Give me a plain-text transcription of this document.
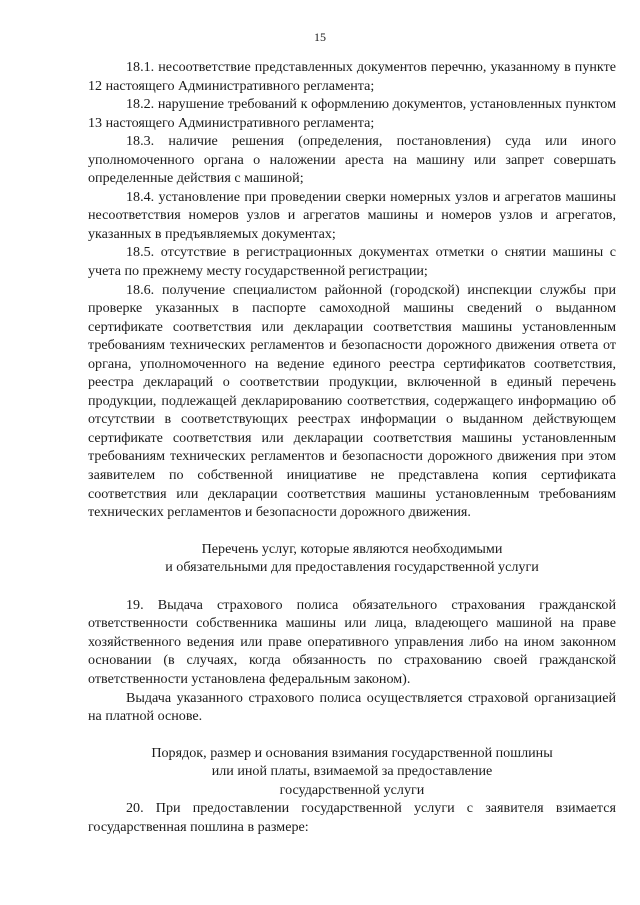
15

18.1. несоответствие представленных документов перечню, указанному в пункте 12 настоящего Административного регламента;

18.2. нарушение требований к оформлению документов, установленных пунктом 13 настоящего Административного регламента;

18.3. наличие решения (определения, постановления) суда или иного уполномоченного органа о наложении ареста на машину или запрет совершать определенные действия с машиной;

18.4. установление при проведении сверки номерных узлов и агрегатов машины несоответствия номеров узлов и агрегатов машины и номеров узлов и агрегатов, указанных в предъявляемых документах;

18.5. отсутствие в регистрационных документах отметки о снятии машины с учета по прежнему месту государственной регистрации;

18.6. получение специалистом районной (городской) инспекции службы при проверке указанных в паспорте самоходной машины сведений о выданном сертификате соответствия или декларации соответствия машины установленным требованиям технических регламентов и безопасности дорожного движения ответа от органа, уполномоченного на ведение единого реестра сертификатов соответствия, реестра деклараций о соответствии продукции, включенной в единый перечень продукции, подлежащей декларированию соответствия, содержащего информацию об отсутствии в соответствующих реестрах информации о выданном действующем сертификате соответствия или декларации соответствия машины установленным требованиям технических регламентов и безопасности дорожного движения при этом заявителем по собственной инициативе не представлена копия сертификата соответствия или декларации соответствия машины установленным требованиям технических регламентов и безопасности дорожного движения.

Перечень услуг, которые являются необходимыми

и обязательными для предоставления государственной услуги

19. Выдача страхового полиса обязательного страхования гражданской ответственности собственника машины или лица, владеющего машиной на праве хозяйственного ведения или праве оперативного управления либо на ином законном основании (в случаях, когда обязанность по страхованию своей гражданской ответственности установлена федеральным законом).

Выдача указанного страхового полиса осуществляется страховой организацией на платной основе.

Порядок, размер и основания взимания государственной пошлины

или иной платы, взимаемой за предоставление

государственной услуги

20. При предоставлении государственной услуги с заявителя взимается государственная пошлина в размере:
